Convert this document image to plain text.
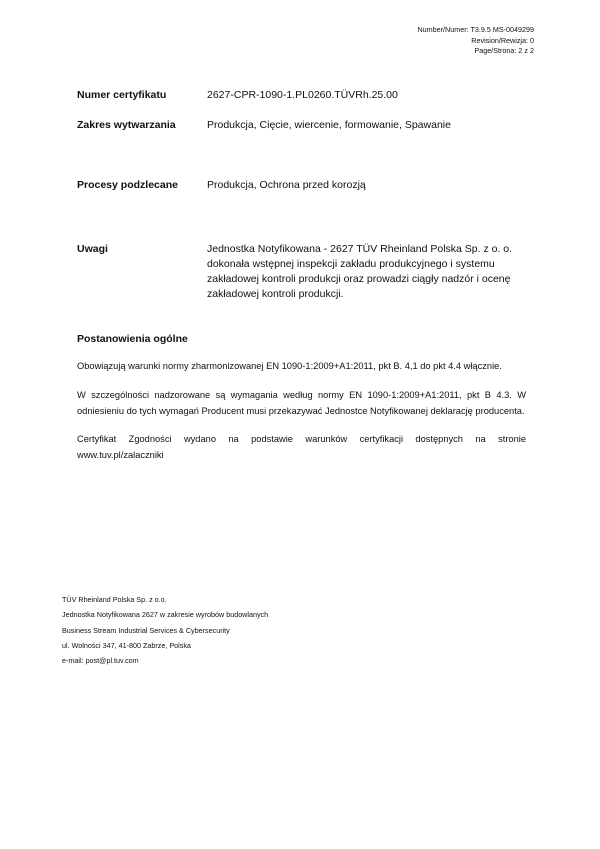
Number/Numer: T3.9.5 MS-0049299
Revision/Rewizja: 0
Page/Strona: 2 z 2
Numer certyfikatu	2627-CPR-1090-1.PL0260.TÜVRh.25.00
Zakres wytwarzania	Produkcja, Cięcie, wiercenie, formowanie, Spawanie
Procesy podzlecane	Produkcja, Ochrona przed korozją
Uwagi	Jednostka Notyfikowana - 2627 TÜV Rheinland Polska Sp. z o. o.
dokonała wstępnej inspekcji zakładu produkcyjnego i systemu
zakładowej kontroli produkcji oraz prowadzi ciągły nadzór i ocenę
zakładowej kontroli produkcji.
Postanowienia ogólne
Obowiązują warunki normy zharmonizowanej EN 1090-1:2009+A1:2011, pkt B. 4,1 do pkt 4.4 włącznie.
W szczególności nadzorowane są wymagania według normy EN 1090-1:2009+A1:2011, pkt B 4.3. W odniesieniu do tych wymagań Producent musi przekazywać Jednostce Notyfikowanej deklarację producenta.
Certyfikat Zgodności wydano na podstawie warunków certyfikacji dostępnych na stronie www.tuv.pl/zalaczniki
TÜV Rheinland Polska Sp. z o.o.
Jednostka Notyfikowana 2627 w zakresie wyrobów budowlanych
Business Stream Industrial Services & Cybersecurity
ul. Wolności 347, 41-800 Zabrze, Polska
e-mail: post@pl.tuv.com
